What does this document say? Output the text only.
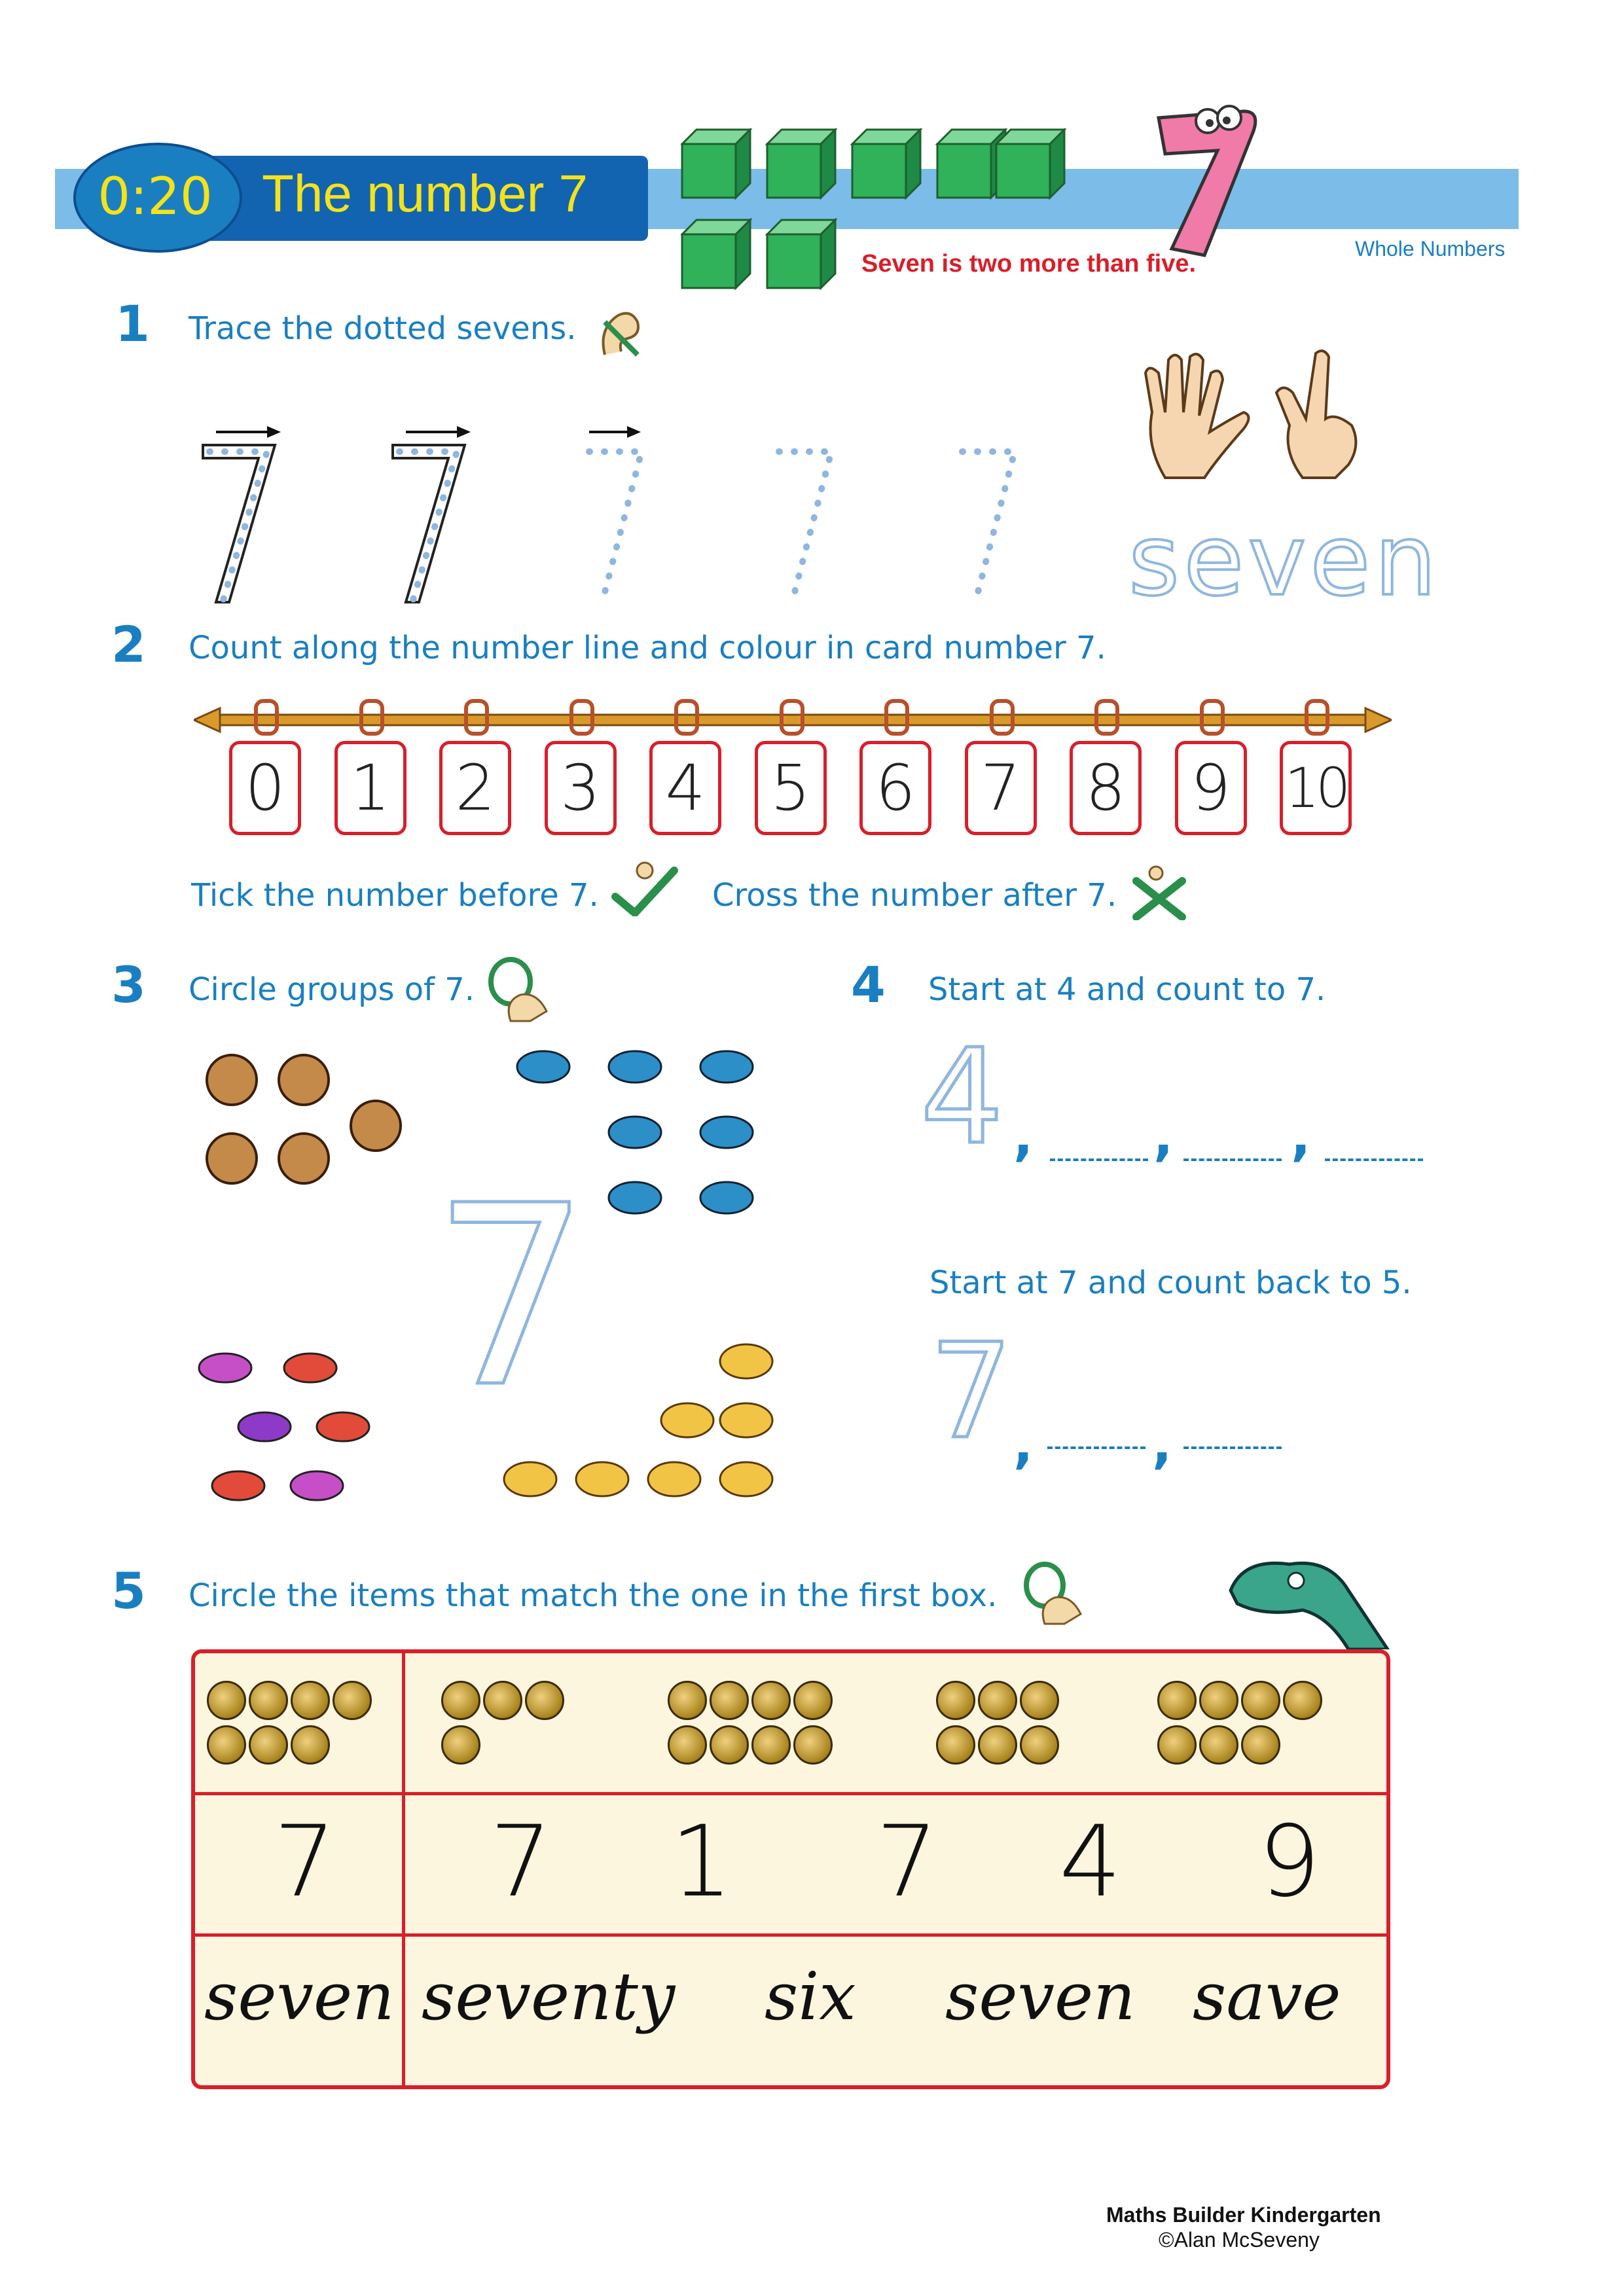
0:20 The number 7
Seven is two more than five.
Whole Numbers
1 Trace the dotted sevens.
seven
2 Count along the number line and colour in card number 7.
0 1 2 3 4 5 6 7 8 9 10
Tick the number before 7.	Cross the number after 7.
3 Circle groups of 7.
7
4 Start at 4 and count to 7.
4 , , ,
Start at 7 and count back to 5.
7 , ,
5 Circle the items that match the one in the first box.

7 7 1 7 4 9
seven seventy six seven save
Maths Builder Kindergarten
©Alan McSeveny
